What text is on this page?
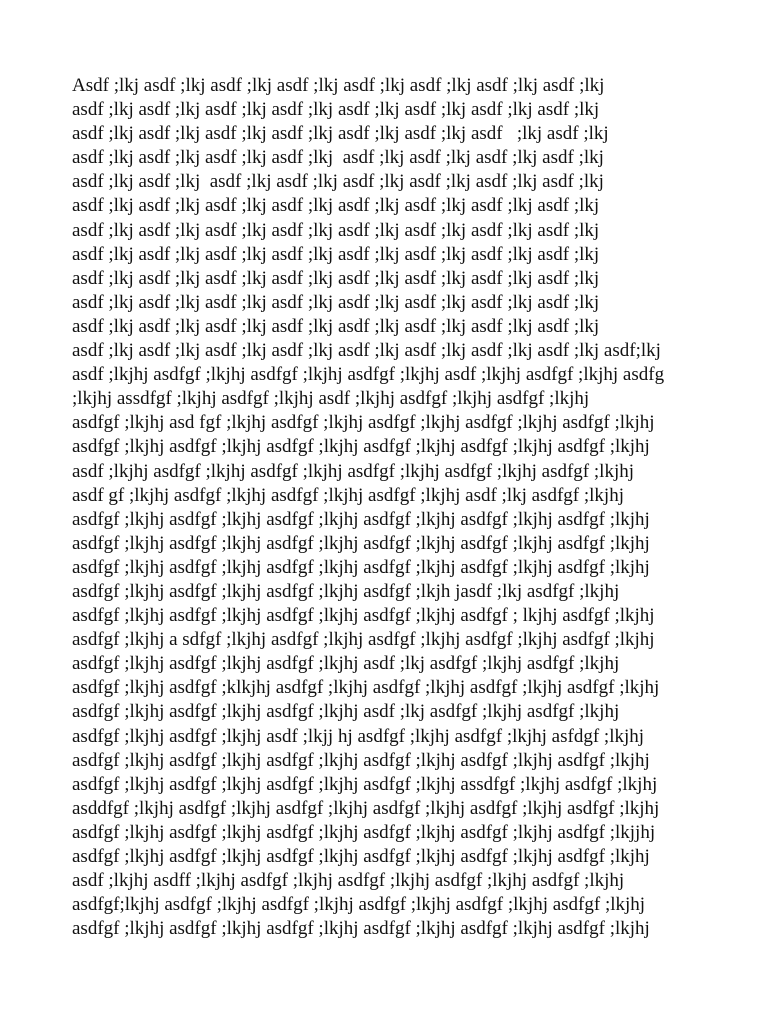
Asdf ;lkj asdf ;lkj asdf ;lkj asdf ;lkj asdf ;lkj asdf ;lkj asdf ;lkj asdf ;lkj
asdf ;lkj asdf ;lkj asdf ;lkj asdf ;lkj asdf ;lkj asdf ;lkj asdf ;lkj asdf ;lkj
asdf ;lkj asdf ;lkj asdf ;lkj asdf ;lkj asdf ;lkj asdf ;lkj asdf   ;lkj asdf ;lkj
asdf ;lkj asdf ;lkj asdf ;lkj asdf ;lkj  asdf ;lkj asdf ;lkj asdf ;lkj asdf ;lkj
asdf ;lkj asdf ;lkj  asdf ;lkj asdf ;lkj asdf ;lkj asdf ;lkj asdf ;lkj asdf ;lkj
asdf ;lkj asdf ;lkj asdf ;lkj asdf ;lkj asdf ;lkj asdf ;lkj asdf ;lkj asdf ;lkj
asdf ;lkj asdf ;lkj asdf ;lkj asdf ;lkj asdf ;lkj asdf ;lkj asdf ;lkj asdf ;lkj
asdf ;lkj asdf ;lkj asdf ;lkj asdf ;lkj asdf ;lkj asdf ;lkj asdf ;lkj asdf ;lkj
asdf ;lkj asdf ;lkj asdf ;lkj asdf ;lkj asdf ;lkj asdf ;lkj asdf ;lkj asdf ;lkj
asdf ;lkj asdf ;lkj asdf ;lkj asdf ;lkj asdf ;lkj asdf ;lkj asdf ;lkj asdf ;lkj
asdf ;lkj asdf ;lkj asdf ;lkj asdf ;lkj asdf ;lkj asdf ;lkj asdf ;lkj asdf ;lkj
asdf ;lkj asdf ;lkj asdf ;lkj asdf ;lkj asdf ;lkj asdf ;lkj asdf ;lkj asdf ;lkj asdf;lkj
asdf ;lkjhj asdfgf ;lkjhj asdfgf ;lkjhj asdfgf ;lkjhj asdf ;lkjhj asdfgf ;lkjhj asdfg
;lkjhj assdfgf ;lkjhj asdfgf ;lkjhj asdf ;lkjhj asdfgf ;lkjhj asdfgf ;lkjhj
asdfgf ;lkjhj asd fgf ;lkjhj asdfgf ;lkjhj asdfgf ;lkjhj asdfgf ;lkjhj asdfgf ;lkjhj
asdfgf ;lkjhj asdfgf ;lkjhj asdfgf ;lkjhj asdfgf ;lkjhj asdfgf ;lkjhj asdfgf ;lkjhj
asdf ;lkjhj asdfgf ;lkjhj asdfgf ;lkjhj asdfgf ;lkjhj asdfgf ;lkjhj asdfgf ;lkjhj
asdf gf ;lkjhj asdfgf ;lkjhj asdfgf ;lkjhj asdfgf ;lkjhj asdf ;lkj asdfgf ;lkjhj
asdfgf ;lkjhj asdfgf ;lkjhj asdfgf ;lkjhj asdfgf ;lkjhj asdfgf ;lkjhj asdfgf ;lkjhj
asdfgf ;lkjhj asdfgf ;lkjhj asdfgf ;lkjhj asdfgf ;lkjhj asdfgf ;lkjhj asdfgf ;lkjhj
asdfgf ;lkjhj asdfgf ;lkjhj asdfgf ;lkjhj asdfgf ;lkjhj asdfgf ;lkjhj asdfgf ;lkjhj
asdfgf ;lkjhj asdfgf ;lkjhj asdfgf ;lkjhj asdfgf ;lkjh jasdf ;lkj asdfgf ;lkjhj
asdfgf ;lkjhj asdfgf ;lkjhj asdfgf ;lkjhj asdfgf ;lkjhj asdfgf ; lkjhj asdfgf ;lkjhj
asdfgf ;lkjhj a sdfgf ;lkjhj asdfgf ;lkjhj asdfgf ;lkjhj asdfgf ;lkjhj asdfgf ;lkjhj
asdfgf ;lkjhj asdfgf ;lkjhj asdfgf ;lkjhj asdf ;lkj asdfgf ;lkjhj asdfgf ;lkjhj
asdfgf ;lkjhj asdfgf ;klkjhj asdfgf ;lkjhj asdfgf ;lkjhj asdfgf ;lkjhj asdfgf ;lkjhj
asdfgf ;lkjhj asdfgf ;lkjhj asdfgf ;lkjhj asdf ;lkj asdfgf ;lkjhj asdfgf ;lkjhj
asdfgf ;lkjhj asdfgf ;lkjhj asdf ;lkjj hj asdfgf ;lkjhj asdfgf ;lkjhj asfdgf ;lkjhj
asdfgf ;lkjhj asdfgf ;lkjhj asdfgf ;lkjhj asdfgf ;lkjhj asdfgf ;lkjhj asdfgf ;lkjhj
asdfgf ;lkjhj asdfgf ;lkjhj asdfgf ;lkjhj asdfgf ;lkjhj assdfgf ;lkjhj asdfgf ;lkjhj
asddfgf ;lkjhj asdfgf ;lkjhj asdfgf ;lkjhj asdfgf ;lkjhj asdfgf ;lkjhj asdfgf ;lkjhj
asdfgf ;lkjhj asdfgf ;lkjhj asdfgf ;lkjhj asdfgf ;lkjhj asdfgf ;lkjhj asdfgf ;lkjjhj
asdfgf ;lkjhj asdfgf ;lkjhj asdfgf ;lkjhj asdfgf ;lkjhj asdfgf ;lkjhj asdfgf ;lkjhj
asdf ;lkjhj asdff ;lkjhj asdfgf ;lkjhj asdfgf ;lkjhj asdfgf ;lkjhj asdfgf ;lkjhj
asdfgf;lkjhj asdfgf ;lkjhj asdfgf ;lkjhj asdfgf ;lkjhj asdfgf ;lkjhj asdfgf ;lkjhj
asdfgf ;lkjhj asdfgf ;lkjhj asdfgf ;lkjhj asdfgf ;lkjhj asdfgf ;lkjhj asdfgf ;lkjhj
